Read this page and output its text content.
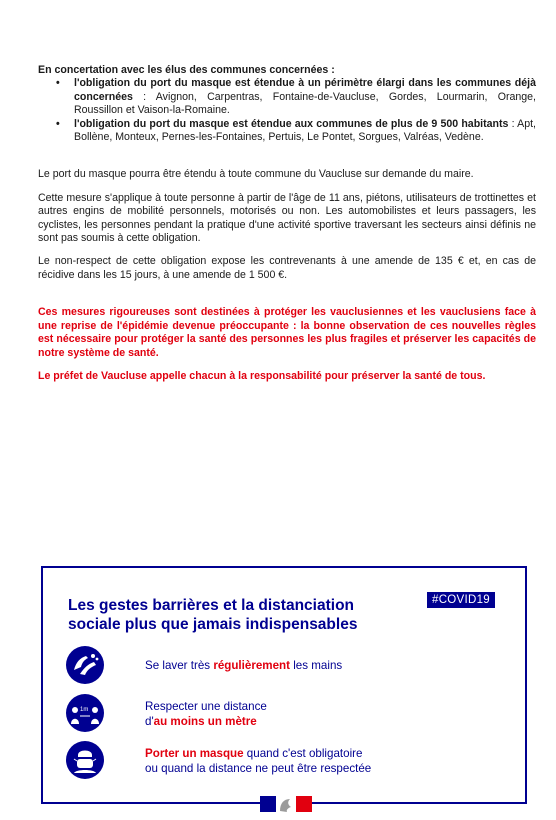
En concertation avec les élus des communes concernées :

• l'obligation du port du masque est étendue à un périmètre élargi dans les communes déjà concernées : Avignon, Carpentras, Fontaine-de-Vaucluse, Gordes, Lourmarin, Orange, Roussillon et Vaison-la-Romaine.
• l'obligation du port du masque est étendue aux communes de plus de 9 500 habitants : Apt, Bollène, Monteux, Pernes-les-Fontaines, Pertuis, Le Pontet, Sorgues, Valréas, Vedène.

Le port du masque pourra être étendu à toute commune du Vaucluse sur demande du maire.

Cette mesure s'applique à toute personne à partir de l'âge de 11 ans, piétons, utilisateurs de trottinettes et autres engins de mobilité personnels, motorisés ou non. Les automobilistes et leurs passagers, les cyclistes, les personnes pendant la pratique d'une activité sportive traversant les secteurs ainsi définis ne sont pas soumis à cette obligation.

Le non-respect de cette obligation expose les contrevenants à une amende de 135 € et, en cas de récidive dans les 15 jours, à une amende de 1 500 €.

Ces mesures rigoureuses sont destinées à protéger les vauclusiennes et les vauclusiens face à une reprise de l'épidémie devenue préoccupante : la bonne observation de ces nouvelles règles est nécessaire pour protéger la santé des personnes les plus fragiles et préserver les capacités de notre système de santé.

Le préfet de Vaucluse appelle chacun à la responsabilité pour préserver la santé de tous.

Les gestes barrières et la distanciation
sociale plus que jamais indispensables

#COVID19
Se laver très régulièrement les mains
1m	Respecter une distance
d'au moins un mètre
Porter un masque quand c'est obligatoire
ou quand la distance ne peut être respectée
